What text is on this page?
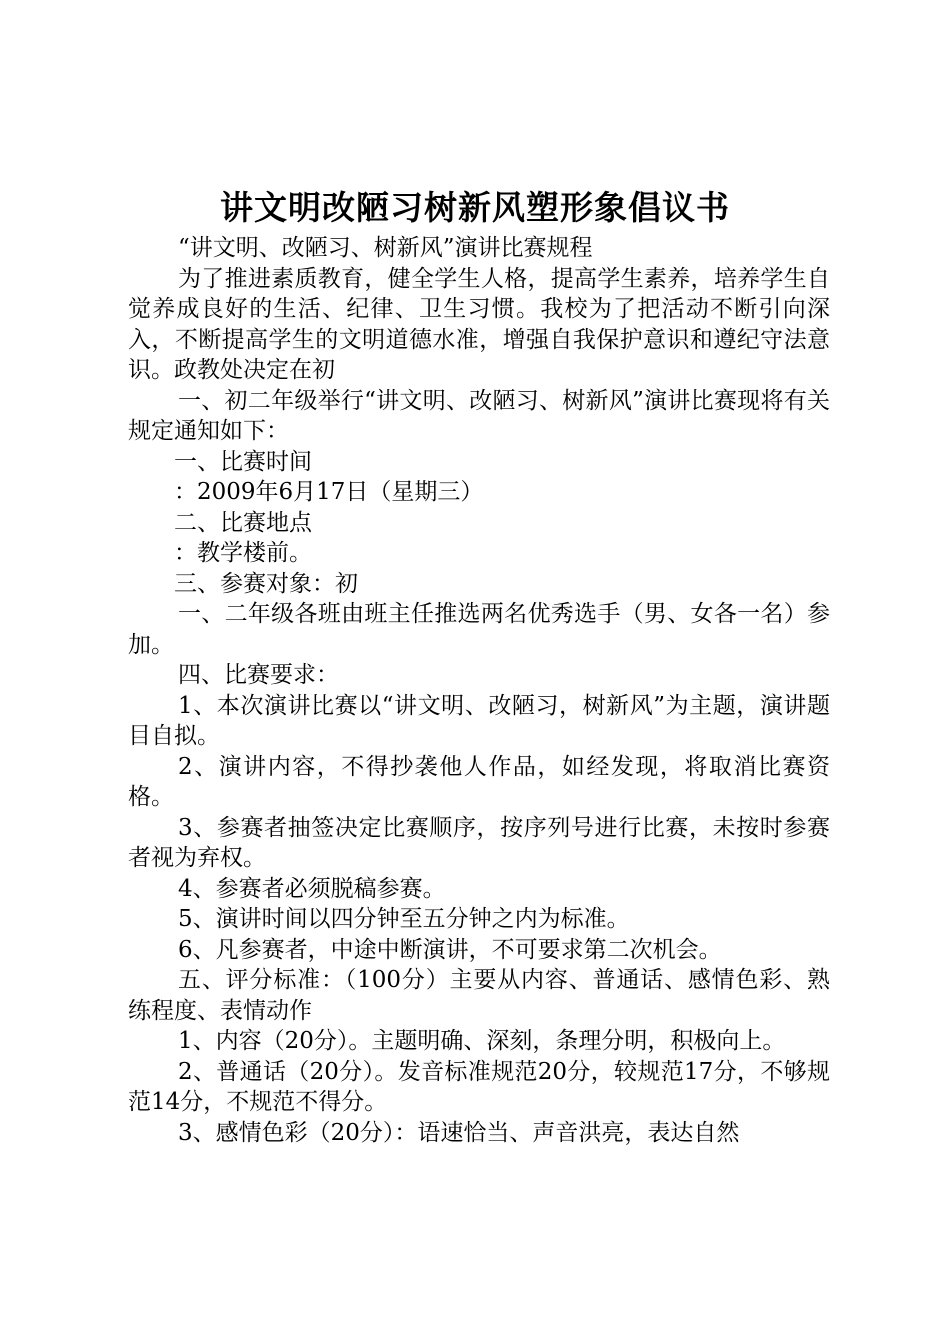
讲文明改陋习树新风塑形象倡议书

“讲文明、改陋习、树新风”演讲比赛规程

为了推进素质教育，健全学生人格，提高学生素养，培养学生自觉养成良好的生活、纪律、卫生习惯。我校为了把活动不断引向深入，不断提高学生的文明道德水准，增强自我保护意识和遵纪守法意识。政教处决定在初

一、初二年级举行“讲文明、改陋习、树新风”演讲比赛现将有关规定通知如下：

一、比赛时间

：2009年6月17日（星期三）

二、比赛地点

：教学楼前。

三、参赛对象：初

一、二年级各班由班主任推选两名优秀选手（男、女各一名）参加。

四、比赛要求：

1、本次演讲比赛以“讲文明、改陋习，树新风”为主题，演讲题目自拟。

2、演讲内容，不得抄袭他人作品，如经发现，将取消比赛资格。

3、参赛者抽签决定比赛顺序，按序列号进行比赛，未按时参赛者视为弃权。

4、参赛者必须脱稿参赛。

5、演讲时间以四分钟至五分钟之内为标准。

6、凡参赛者，中途中断演讲，不可要求第二次机会。

五、评分标准：（100分）主要从内容、普通话、感情色彩、熟练程度、表情动作

1、内容（20分）。主题明确、深刻，条理分明，积极向上。

2、普通话（20分）。发音标准规范20分，较规范17分，不够规范14分，不规范不得分。

3、感情色彩（20分）：语速恰当、声音洪亮，表达自然
